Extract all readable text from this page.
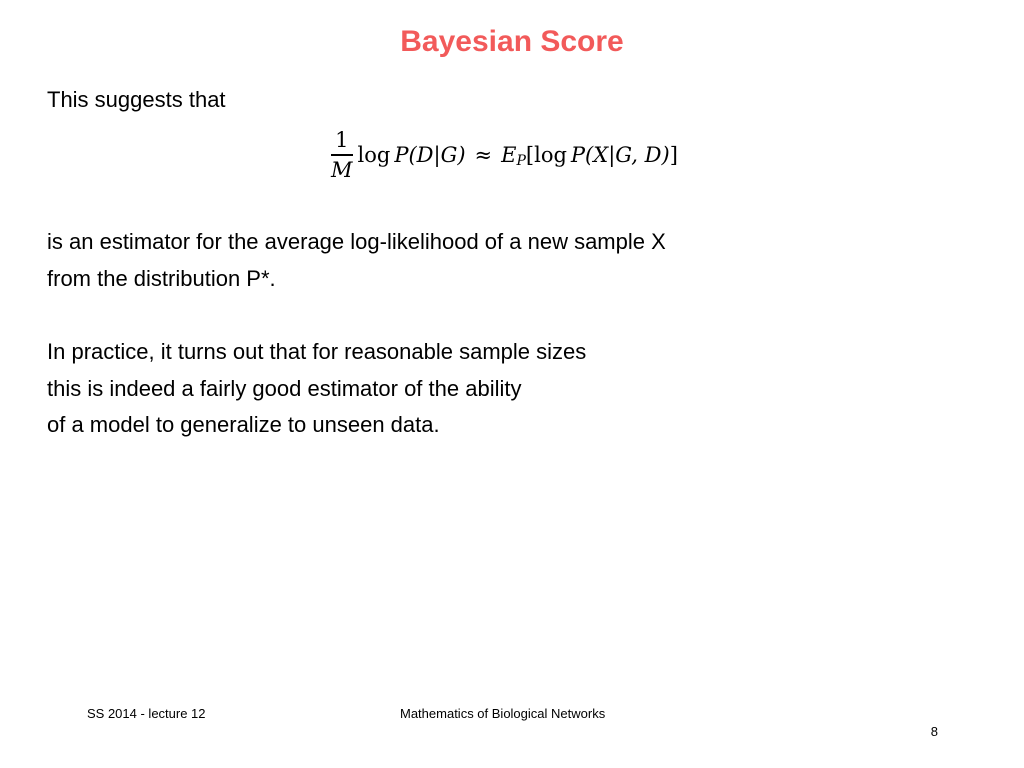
Bayesian Score
This suggests that
$\frac{1}{M}$ log P(D|G) ≈ E P [ log P(X|G, D) ]
is an estimator for the average log-likelihood of a new sample X
from the distribution P*.
In practice, it turns out that for reasonable sample sizes
this is indeed a fairly good estimator of the ability
of a model to generalize to unseen data.
SS 2014 - lecture 12	Mathematics of Biological Networks
8
